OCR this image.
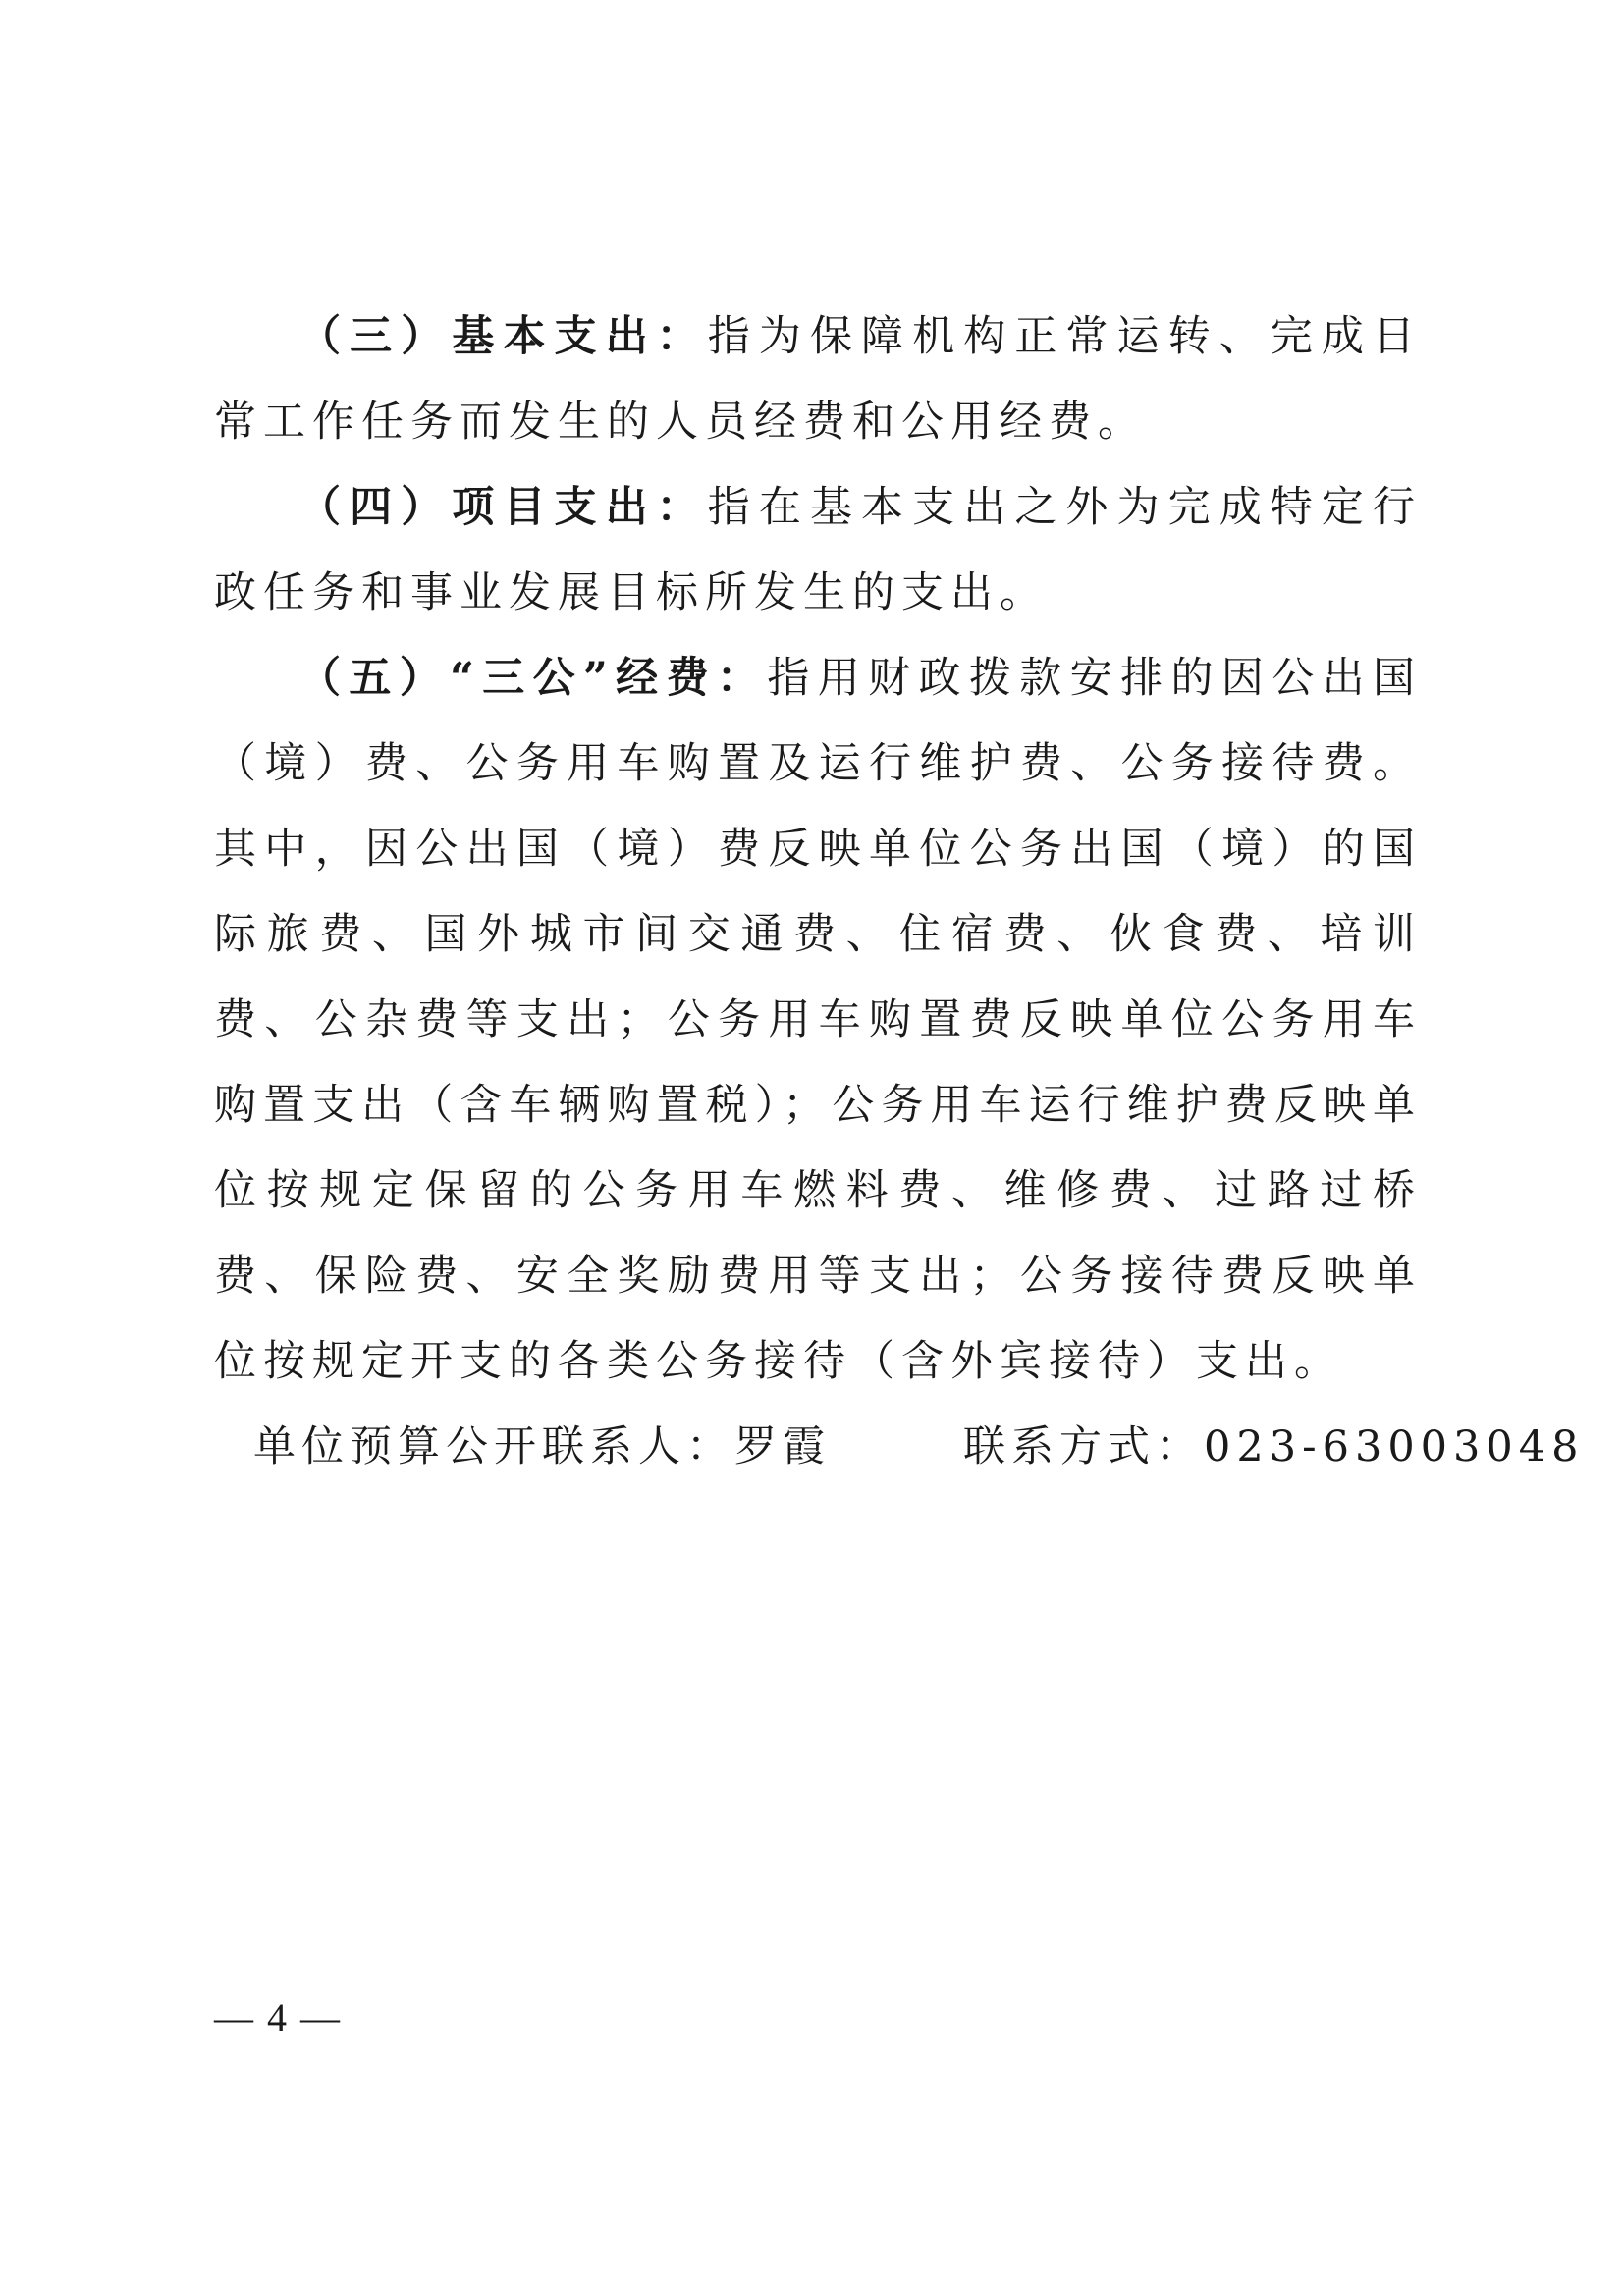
（三）基本支出：指为保障机构正常运转、完成日常工作任务而发生的人员经费和公用经费。

（四）项目支出：指在基本支出之外为完成特定行政任务和事业发展目标所发生的支出。

（五）“三公”经费：指用财政拨款安排的因公出国（境）费、公务用车购置及运行维护费、公务接待费。其中，因公出国（境）费反映单位公务出国（境）的国际旅费、国外城市间交通费、住宿费、伙食费、培训费、公杂费等支出；公务用车购置费反映单位公务用车购置支出（含车辆购置税）；公务用车运行维护费反映单位按规定保留的公务用车燃料费、维修费、过路过桥费、保险费、安全奖励费用等支出；公务接待费反映单位按规定开支的各类公务接待（含外宾接待）支出。

单位预算公开联系人：罗霞	联系方式：023-63003048

— 4 —
